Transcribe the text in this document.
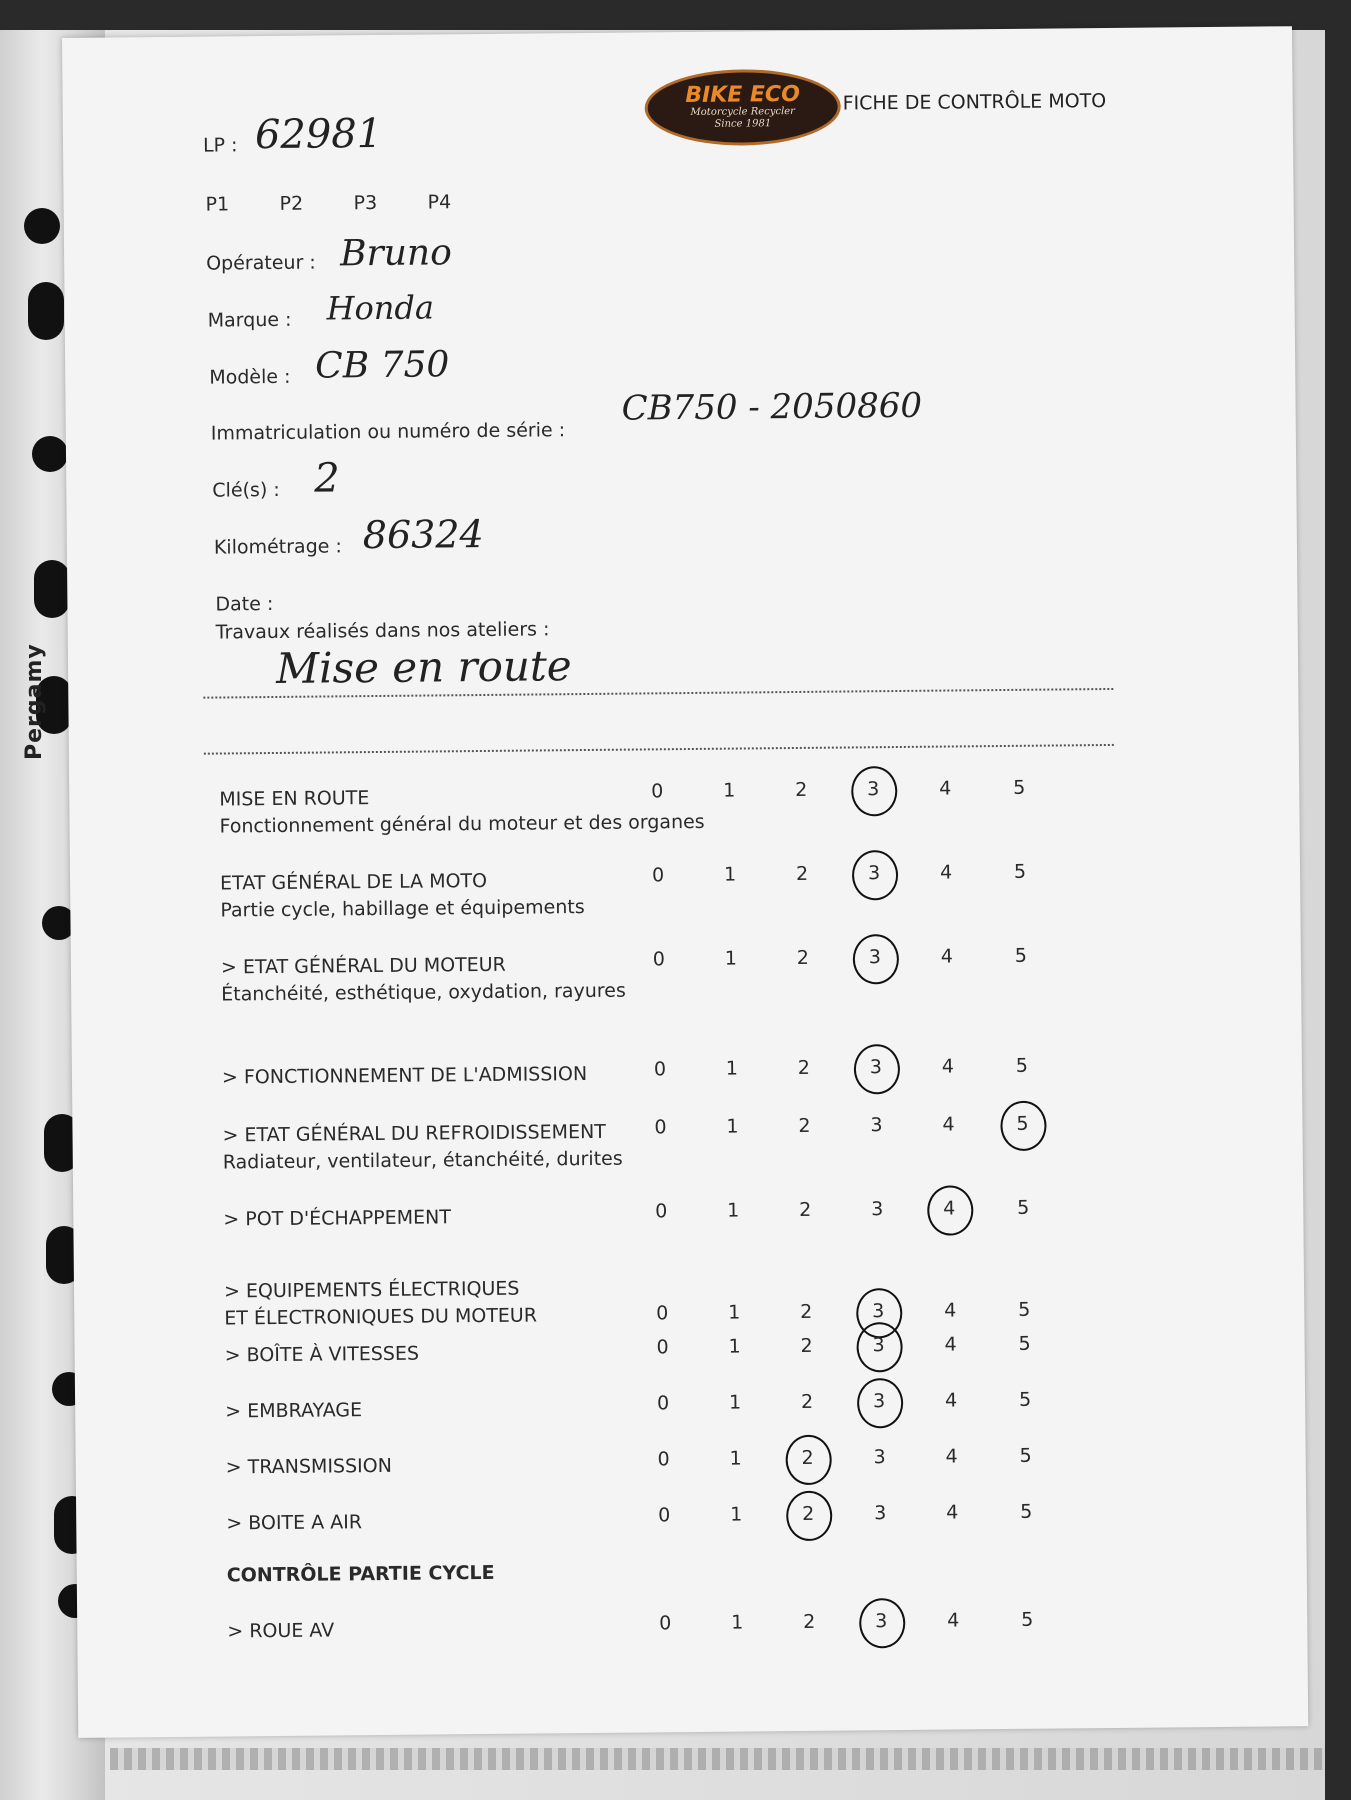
Pergamy
BIKE ECO
Motorcycle Recycler
Since 1981
FICHE DE CONTRÔLE MOTO
LP : 62981
P1	P2	P3	P4
Opérateur : Bruno
Marque : Honda
Modèle : CB 750
Immatriculation ou numéro de série :
CB750 - 2050860
Clé(s) : 2
Kilométrage : 86324
Date :
Travaux réalisés dans nos ateliers :
Mise en route
MISE EN ROUTE
Fonctionnement général du moteur et des organes
0	1	2	3	4	5
ETAT GÉNÉRAL DE LA MOTO
Partie cycle, habillage et équipements
0	1	2	3	4	5
> ETAT GÉNÉRAL DU MOTEUR
Étanchéité, esthétique, oxydation, rayures
0	1	2	3	4	5
> FONCTIONNEMENT DE L'ADMISSION	0	1	2	3	4	5
> ETAT GÉNÉRAL DU REFROIDISSEMENT
Radiateur, ventilateur, étanchéité, durites
0	1	2	3	4	5
> POT D'ÉCHAPPEMENT	0	1	2	3	4	5
> EQUIPEMENTS ÉLECTRIQUES
ET ÉLECTRONIQUES DU MOTEUR	0	1	2	3	4	5
> BOÎTE À VITESSES	0	1	2	3	4	5
> EMBRAYAGE	0	1	2	3	4	5
> TRANSMISSION	0	1	2	3	4	5
> BOITE A AIR	0	1	2	3	4	5
CONTRÔLE PARTIE CYCLE
> ROUE AV	0	1	2	3	4	5
